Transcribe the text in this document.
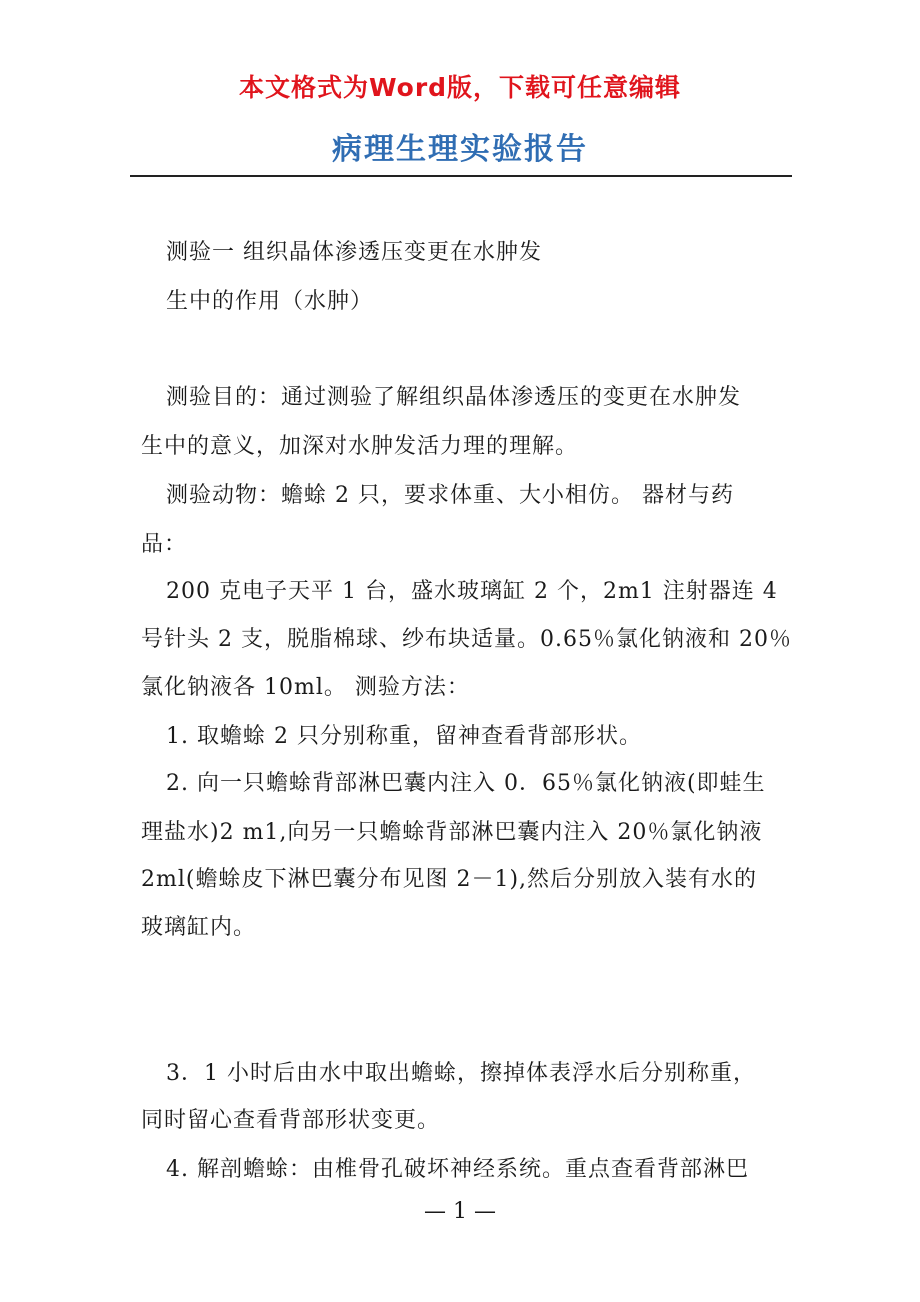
本文格式为Word版，下载可任意编辑
病理生理实验报告
测验一 组织晶体渗透压变更在水肿发
生中的作用（水肿）
测验目的：通过测验了解组织晶体渗透压的变更在水肿发
生中的意义，加深对水肿发活力理的理解。
测验动物：蟾蜍 2 只，要求体重、大小相仿。 器材与药
品：
200 克电子天平 1 台，盛水玻璃缸 2 个，2m1 注射器连 4
号针头 2 支，脱脂棉球、纱布块适量。0.65％氯化钠液和 20％
氯化钠液各 10ml。 测验方法：
1. 取蟾蜍 2 只分别称重，留神查看背部形状。
2. 向一只蟾蜍背部淋巴囊内注入 0．65％氯化钠液(即蛙生
理盐水)2 m1,向另一只蟾蜍背部淋巴囊内注入 20％氯化钠液
2ml(蟾蜍皮下淋巴囊分布见图 2－1),然后分别放入装有水的
玻璃缸内。
3．1 小时后由水中取出蟾蜍，擦掉体表浮水后分别称重，
同时留心查看背部形状变更。
4. 解剖蟾蜍：由椎骨孔破坏神经系统。重点查看背部淋巴
— 1 —
